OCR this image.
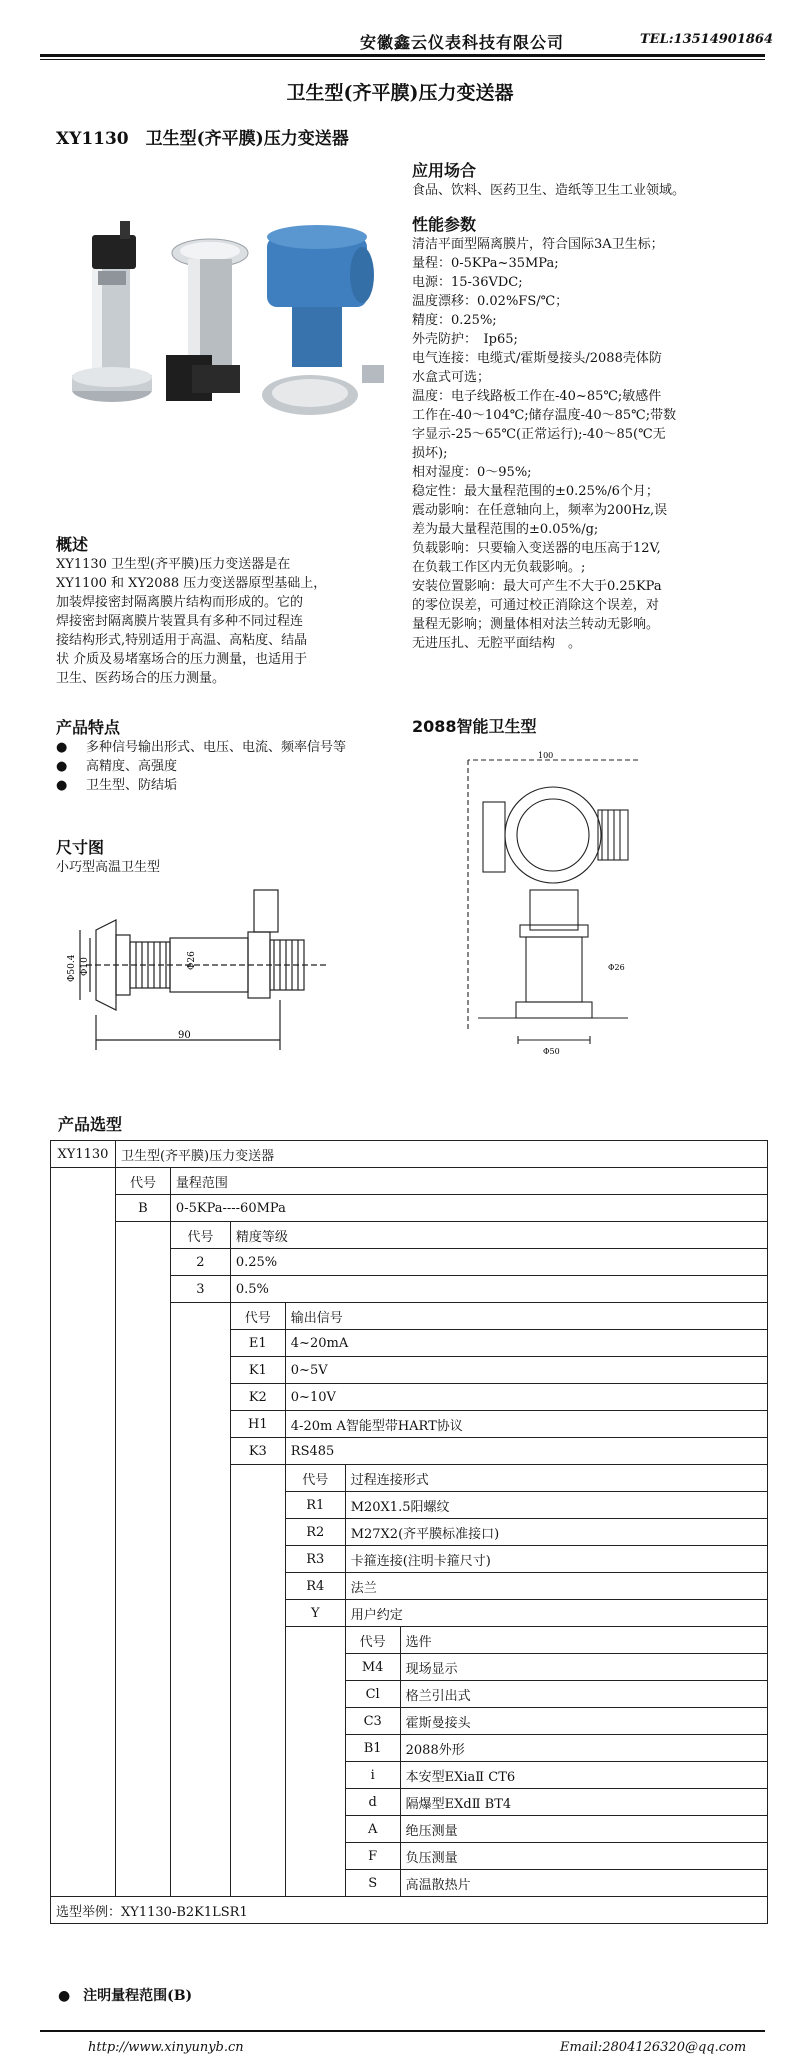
安徽鑫云仪表科技有限公司	TEL:13514901864
卫生型(齐平膜)压力变送器
XY1130　卫生型(齐平膜)压力变送器
应用场合
食品、饮料、医药卫生、造纸等卫生工业领域。
性能参数
清洁平面型隔离膜片，符合国际3A卫生标；
量程：0-5KPa~35MPa;
电源：15-36VDC;
温度漂移：0.02%FS/℃；
精度：0.25%;
外壳防护：　Ip65;
电气连接：电缆式/霍斯曼接头/2088壳体防
水盒式可选；
温度：电子线路板工作在-40~85℃;敏感件
工作在-40～104℃;储存温度-40～85℃;带数
字显示-25～65℃(正常运行);-40～85(℃无
损坏);
相对湿度：0～95%;
稳定性：最大量程范围的±0.25%/6个月；
震动影响：在任意轴向上，频率为200Hz,误
差为最大量程范围的±0.05%/g;
负载影响：只要输入变送器的电压高于12V,
在负载工作区内无负载影响。;
安装位置影响：最大可产生不大于0.25KPa
的零位误差，可通过校正消除这个误差，对
量程无影响；测量体相对法兰转动无影响。
无进压扎、无腔平面结构　。
2088智能卫生型
概述
XY1130 卫生型(齐平膜)压力变送器是在
XY1100 和 XY2088 压力变送器原型基础上，
加装焊接密封隔离膜片结构而形成的。它的
焊接密封隔离膜片装置具有多种不同过程连
接结构形式,特别适用于高温、高粘度、结晶
状 介质及易堵塞场合的压力测量，也适用于
卫生、医药场合的压力测量。
产品特点
● 多种信号输出形式、电压、电流、频率信号等
● 高精度、高强度
● 卫生型、防结垢
尺寸图
小巧型高温卫生型
90
Φ50.4 Φ10	Φ26
100
Φ50
Φ26
产品选型
XY1130	卫生型(齐平膜)压力变送器					
	代号	量程范围				
	B	0-5KPa----60MPa				
		代号	精度等级			
		2	0.25%			
		3	0.5%			
			代号	输出信号		
			E1	4~20mA		
			K1	0~5V		
			K2	0~10V		
			H1	4-20m A智能型带HART协议		
			K3	RS485		
				代号	过程连接形式	
				R1	M20X1.5阳螺纹	
				R2	M27X2(齐平膜标准接口)	
				R3	卡箍连接(注明卡箍尺寸)	
				R4	法兰	
				Y	用户约定	
					代号	选件
					M4	现场显示
					Cl	格兰引出式
					C3	霍斯曼接头
					B1	2088外形
					i	本安型EXiaⅡ CT6
					d	隔爆型EXdⅡ BT4
					A	绝压测量
					F	负压测量
					S	高温散热片
选型举例：XY1130-B2K1LSR1						
● 注明量程范围(B)
http://www.xinyunyb.cn	Email:2804126320@qq.com
